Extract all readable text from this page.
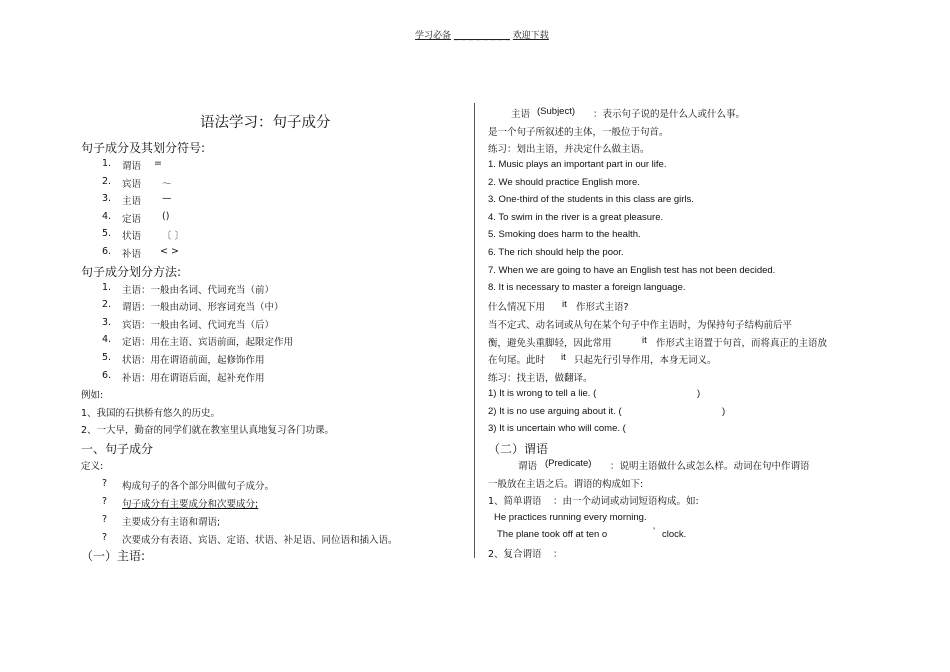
学习必备 _ _ _ _ _ _ _ _ 欢迎下载
语法学习：句子成分
句子成分及其划分符号:
1. 谓语 =
2. 宾语 ～
3. 主语 —
4. 定语 ()
5. 状语 〔 〕
6. 补语 < >
句子成分划分方法:
1. 主语：一般由名词、代词充当（前）
2. 谓语：一般由动词、形容词充当（中）
3. 宾语：一般由名词、代词充当（后）
4. 定语：用在主语、宾语前面，起限定作用
5. 状语：用在谓语前面，起修饰作用
6. 补语：用在谓语后面，起补充作用
例如:
1、我国的石拱桥有悠久的历史。
2、一大早，勤奋的同学们就在教室里认真地复习各门功课。
一、句子成分
定义:
? 构成句子的各个部分叫做句子成分。
? 句子成分有主要成分和次要成分;
? 主要成分有主语和谓语;
? 次要成分有表语、宾语、定语、状语、补足语、同位语和插入语。
（一）主语:
主语 (Subject) ：表示句子说的是什么人或什么事。
是一个句子所叙述的主体，一般位于句首。
练习：划出主语，并决定什么做主语。
1. Music plays an important part in our life.
2. We should practice English more.
3. One-third of the students in this class are girls.
4. To swim in the river is a great pleasure.
5. Smoking does harm to the health.
6. The rich should help the poor.
7. When we are going to have an English test has not been decided.
8. It is necessary to master a foreign language.
什么情况下用 it 作形式主语?
当不定式、动名词或从句在某个句子中作主语时，为保持句子结构前后平
衡，避免头重脚轻，因此常用	it 作形式主语置于句首，而将真正的主语放
在句尾。此时 it 只起先行引导作用，本身无词义。
练习：找主语，做翻译。
1) It is wrong to tell a lie. (	)
2) It is no use arguing about it. (	)
3) It is uncertain who will come. (
（二）谓语
谓语 (Predicate) ：说明主语做什么或怎么样。动词在句中作谓语
一般放在主语之后。谓语的构成如下:
1、简单谓语 ：由一个动词或动词短语构成。如:
He practices running every morning.
The plane took off at ten o	’ clock.
2、复合谓语 ：
